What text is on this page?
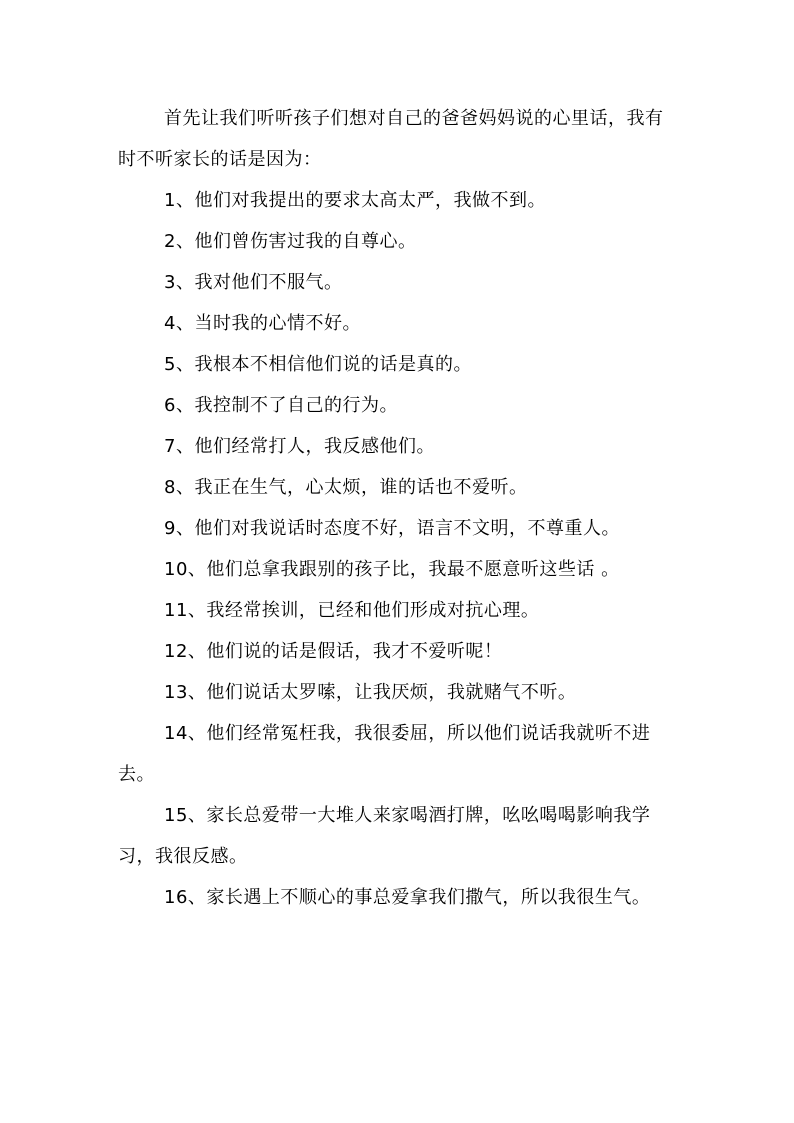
首先让我们听听孩子们想对自己的爸爸妈妈说的心里话，我有时不听家长的话是因为：

1、他们对我提出的要求太高太严，我做不到。

2、他们曾伤害过我的自尊心。

3、我对他们不服气。

4、当时我的心情不好。

5、我根本不相信他们说的话是真的。

6、我控制不了自己的行为。

7、他们经常打人，我反感他们。

8、我正在生气，心太烦，谁的话也不爱听。

9、他们对我说话时态度不好，语言不文明，不尊重人。

10、他们总拿我跟别的孩子比，我最不愿意听这些话 。

11、我经常挨训，已经和他们形成对抗心理。

12、他们说的话是假话，我才不爱听呢！

13、他们说话太罗嗦，让我厌烦，我就赌气不听。

14、他们经常冤枉我，我很委屈，所以他们说话我就听不进去。

15、家长总爱带一大堆人来家喝酒打牌，吆吆喝喝影响我学习，我很反感。

16、家长遇上不顺心的事总爱拿我们撒气，所以我很生气。
